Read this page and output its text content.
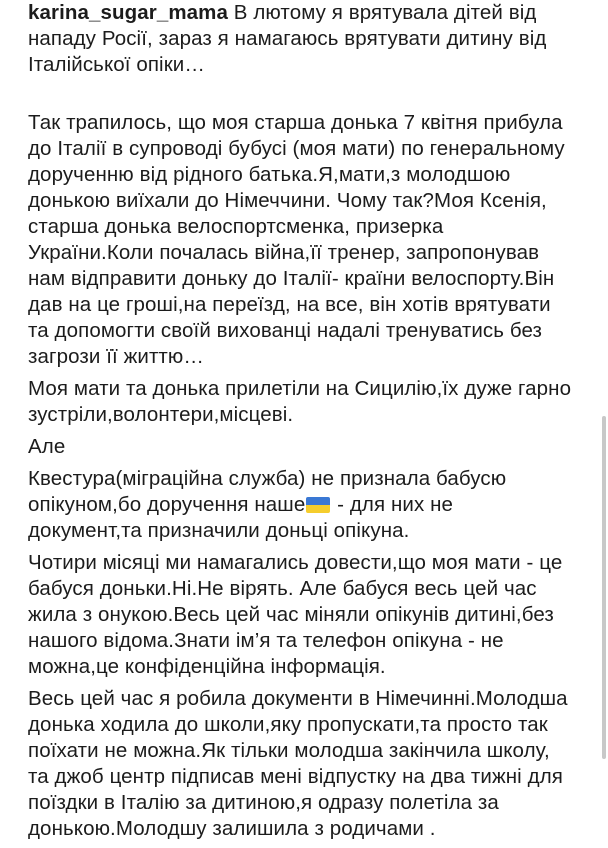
karina_sugar_mama В лютому я врятувала дітей від
нападу Росії, зараз я намагаюсь врятувати дитину від
Італійської опіки…

Так трапилось, що моя старша донька 7 квітня прибула
до Італії в супроводі бубусі (моя мати) по генеральному
дорученню від рідного батька.Я,мати,з молодшою
донькою виїхали до Німеччини. Чому так?Моя Ксенія,
старша донька велоспортсменка, призерка
України.Коли почалась війна,її тренер, запропонував
нам відправити доньку до Італії- країни велоспорту.Він
дав на це гроші,на переїзд, на все, він хотів врятувати
та допомогти своїй вихованці надалі тренуватись без
загрози її життю…

Моя мати та донька прилетіли на Сицилію,їх дуже гарно
зустріли,волонтери,місцеві.

Але

Квестура(міграційна служба) не признала бабусю
опікуном,бо доручення наше
- для них не
документ,та призначили доньці опікуна.

Чотири місяці ми намагались довести,що моя мати - це
бабуся доньки.Ні.Не вірять. Але бабуся весь цей час
жила з онукою.Весь цей час міняли опікунів дитині,без
нашого відома.Знати ім’я та телефон опікуна - не
можна,це конфіденційна інформація.

Весь цей час я робила документи в Німечинні.Молодша
донька ходила до школи,яку пропускати,та просто так
поїхати не можна.Як тільки молодша закінчила школу,
та джоб центр підписав мені відпустку на два тижні для
поїздки в Італію за дитиною,я одразу полетіла за
донькою.Молодшу залишила з родичами .
